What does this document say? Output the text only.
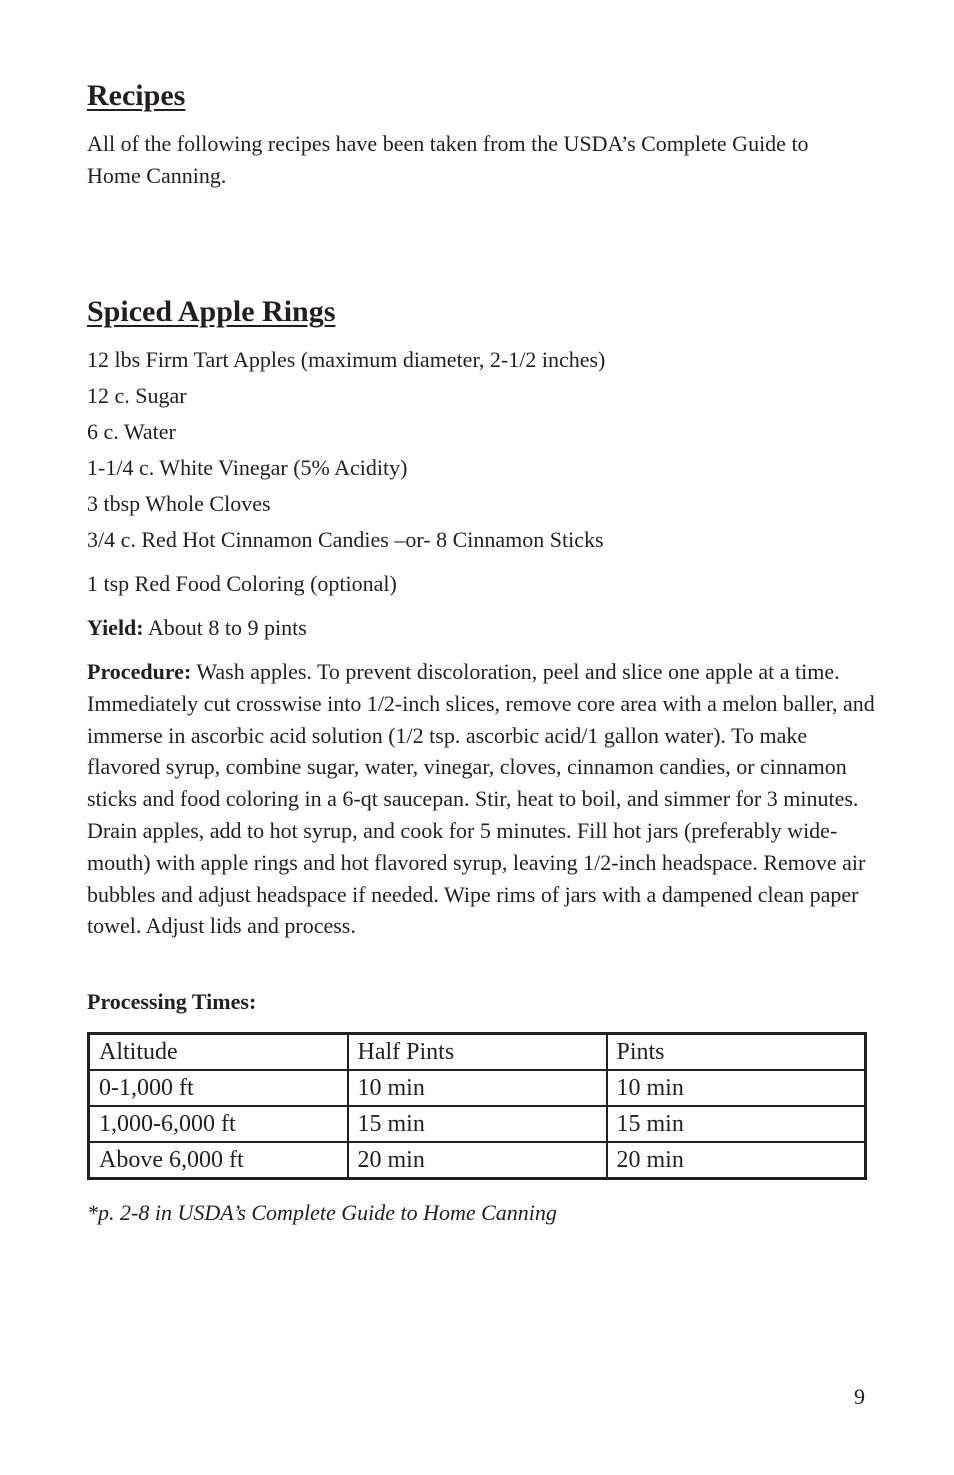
Recipes

All of the following recipes have been taken from the USDA’s Complete Guide to Home Canning.

Spiced Apple Rings
12 lbs Firm Tart Apples (maximum diameter, 2-1/2 inches)
12 c. Sugar
6 c. Water
1-1/4 c. White Vinegar (5% Acidity)
3 tbsp Whole Cloves
3/4 c. Red Hot Cinnamon Candies –or- 8 Cinnamon Sticks
1 tsp Red Food Coloring (optional)

Yield: About 8 to 9 pints

Procedure: Wash apples. To prevent discoloration, peel and slice one apple at a time. Immediately cut crosswise into 1/2-inch slices, remove core area with a melon baller, and immerse in ascorbic acid solution (1/2 tsp. ascorbic acid/1 gallon water). To make flavored syrup, combine sugar, water, vinegar, cloves, cinnamon candies, or cinnamon sticks and food coloring in a 6-qt saucepan. Stir, heat to boil, and simmer for 3 minutes. Drain apples, add to hot syrup, and cook for 5 minutes. Fill hot jars (preferably wide-mouth) with apple rings and hot flavored syrup, leaving 1/2-inch headspace. Remove air bubbles and adjust headspace if needed. Wipe rims of jars with a dampened clean paper towel. Adjust lids and process.

Processing Times:

Altitude	Half Pints	Pints
0-1,000 ft	10 min	10 min
1,000-6,000 ft	15 min	15 min
Above 6,000 ft	20 min	20 min

*p. 2-8 in USDA’s Complete Guide to Home Canning

9
